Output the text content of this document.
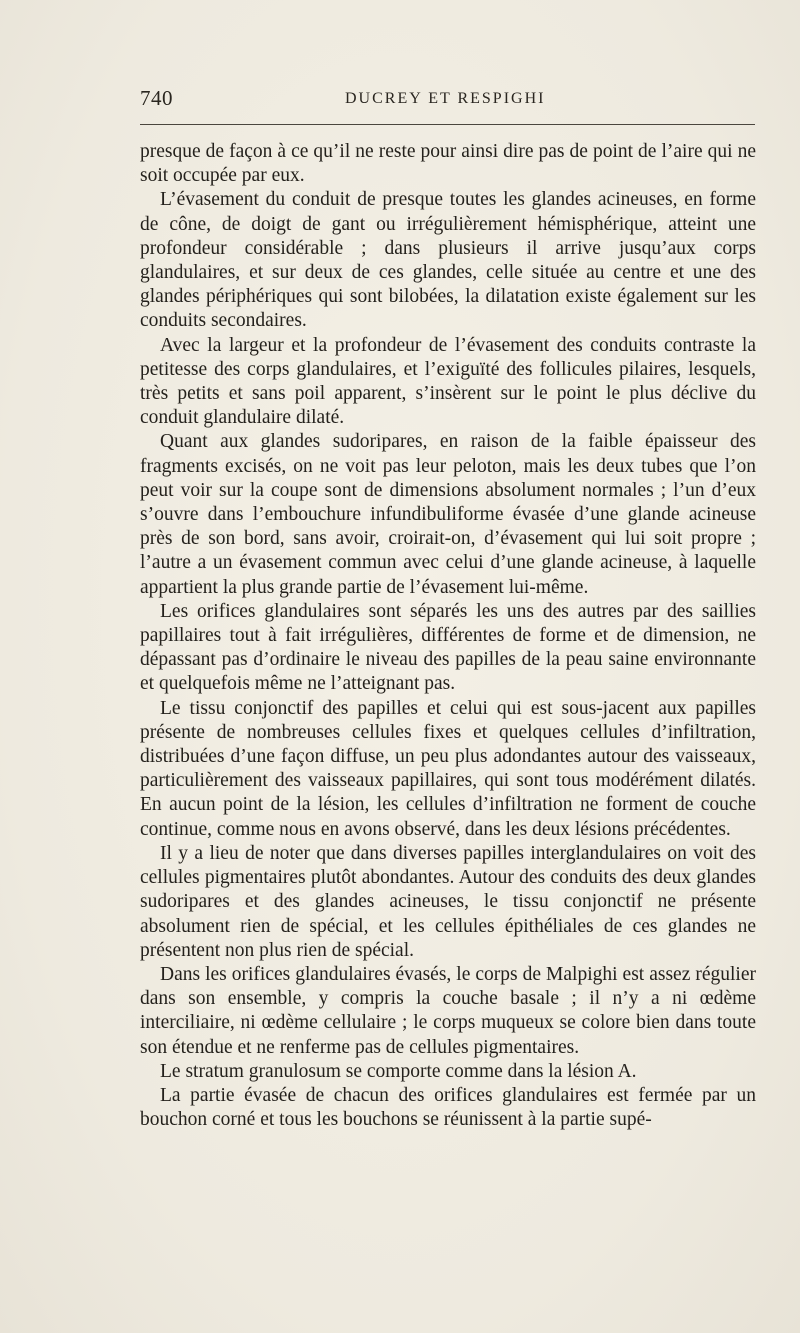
740	DUCREY ET RESPIGHI

presque de façon à ce qu’il ne reste pour ainsi dire pas de point de l’aire qui ne soit occupée par eux.

L’évasement du conduit de presque toutes les glandes acineuses, en forme de cône, de doigt de gant ou irrégulièrement hémisphérique, atteint une profondeur considérable ; dans plusieurs il arrive jusqu’aux corps glandulaires, et sur deux de ces glandes, celle située au centre et une des glandes périphériques qui sont bilobées, la dilatation existe également sur les conduits secondaires.

Avec la largeur et la profondeur de l’évasement des conduits contraste la petitesse des corps glandulaires, et l’exiguïté des follicules pilaires, lesquels, très petits et sans poil apparent, s’insèrent sur le point le plus déclive du conduit glandulaire dilaté.

Quant aux glandes sudoripares, en raison de la faible épaisseur des fragments excisés, on ne voit pas leur peloton, mais les deux tubes que l’on peut voir sur la coupe sont de dimensions absolument normales ; l’un d’eux s’ouvre dans l’embouchure infundibuliforme évasée d’une glande acineuse près de son bord, sans avoir, croirait-on, d’évasement qui lui soit propre ; l’autre a un évasement commun avec celui d’une glande acineuse, à laquelle appartient la plus grande partie de l’évasement lui-même.

Les orifices glandulaires sont séparés les uns des autres par des saillies papillaires tout à fait irrégulières, différentes de forme et de dimension, ne dépassant pas d’ordinaire le niveau des papilles de la peau saine environnante et quelquefois même ne l’atteignant pas.

Le tissu conjonctif des papilles et celui qui est sous-jacent aux papilles présente de nombreuses cellules fixes et quelques cellules d’infiltration, distribuées d’une façon diffuse, un peu plus adondantes autour des vaisseaux, particulièrement des vaisseaux papillaires, qui sont tous modérément dilatés. En aucun point de la lésion, les cellules d’infiltration ne forment de couche continue, comme nous en avons observé, dans les deux lésions précédentes.

Il y a lieu de noter que dans diverses papilles interglandulaires on voit des cellules pigmentaires plutôt abondantes. Autour des conduits des deux glandes sudoripares et des glandes acineuses, le tissu conjonctif ne présente absolument rien de spécial, et les cellules épithéliales de ces glandes ne présentent non plus rien de spécial.

Dans les orifices glandulaires évasés, le corps de Malpighi est assez régulier dans son ensemble, y compris la couche basale ; il n’y a ni œdème interciliaire, ni œdème cellulaire ; le corps muqueux se colore bien dans toute son étendue et ne renferme pas de cellules pigmentaires.

Le stratum granulosum se comporte comme dans la lésion A.

La partie évasée de chacun des orifices glandulaires est fermée par un bouchon corné et tous les bouchons se réunissent à la partie supé-
